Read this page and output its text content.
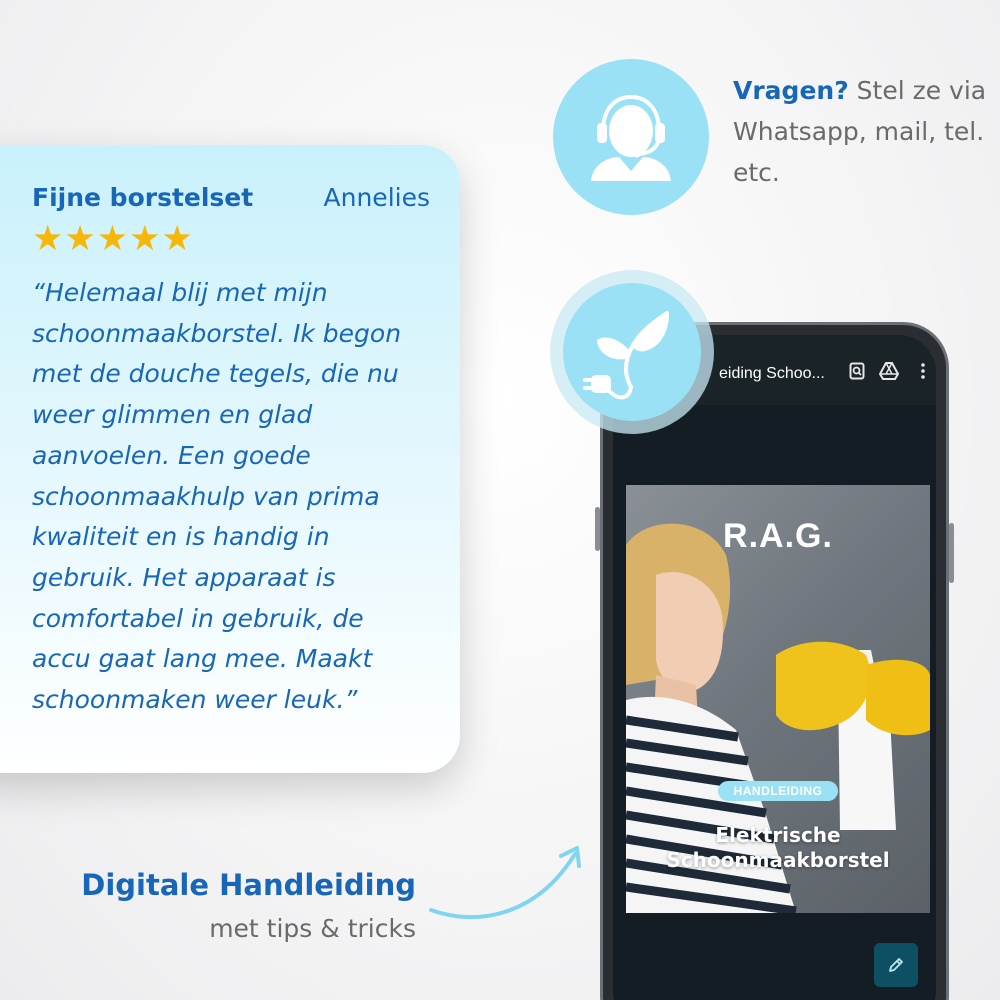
Fijne borstelset	Annelies
★★★★★

“Helemaal blij met mijn schoonmaakborstel. Ik begon met de douche tegels, die nu weer glimmen en glad aanvoelen. Een goede schoonmaakhulp van prima kwaliteit en is handig in gebruik. Het apparaat is comfortabel in gebruik, de accu gaat lang mee. Maakt schoonmaken weer leuk.”

Vragen? Stel ze via Whatsapp, mail, tel. etc.
eiding Schoo...
R.A.G.
HANDLEIDING
Elektrische
Schoonmaakborstel
Digitale Handleiding
met tips & tricks
